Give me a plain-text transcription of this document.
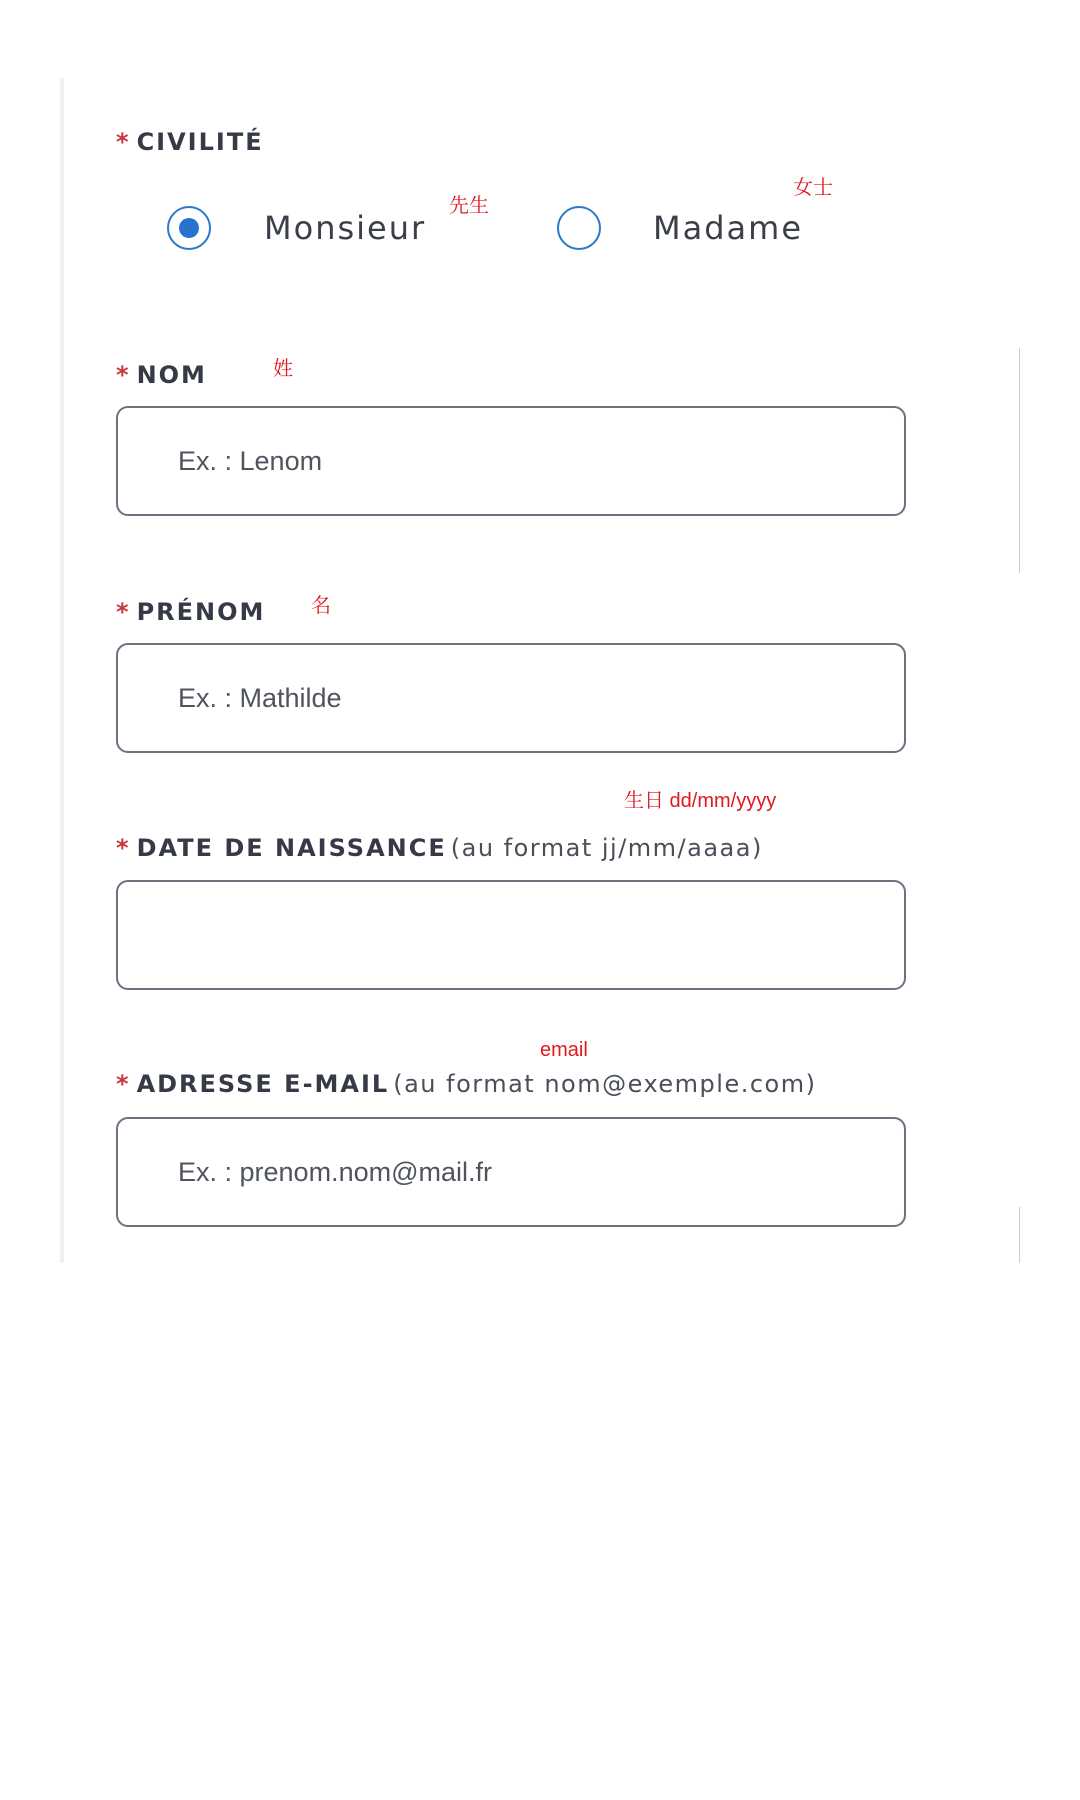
* CIVILITÉ
Monsieur
先生
Madame
女士
* NOM	姓
Ex. : Lenom
* PRÉNOM 名
Ex. : Mathilde
生日 dd/mm/yyyy
* DATE DE NAISSANCE (au format jj/mm/aaaa)
email
* ADRESSE E-MAIL (au format nom@exemple.com)
Ex. : prenom.nom@mail.fr
